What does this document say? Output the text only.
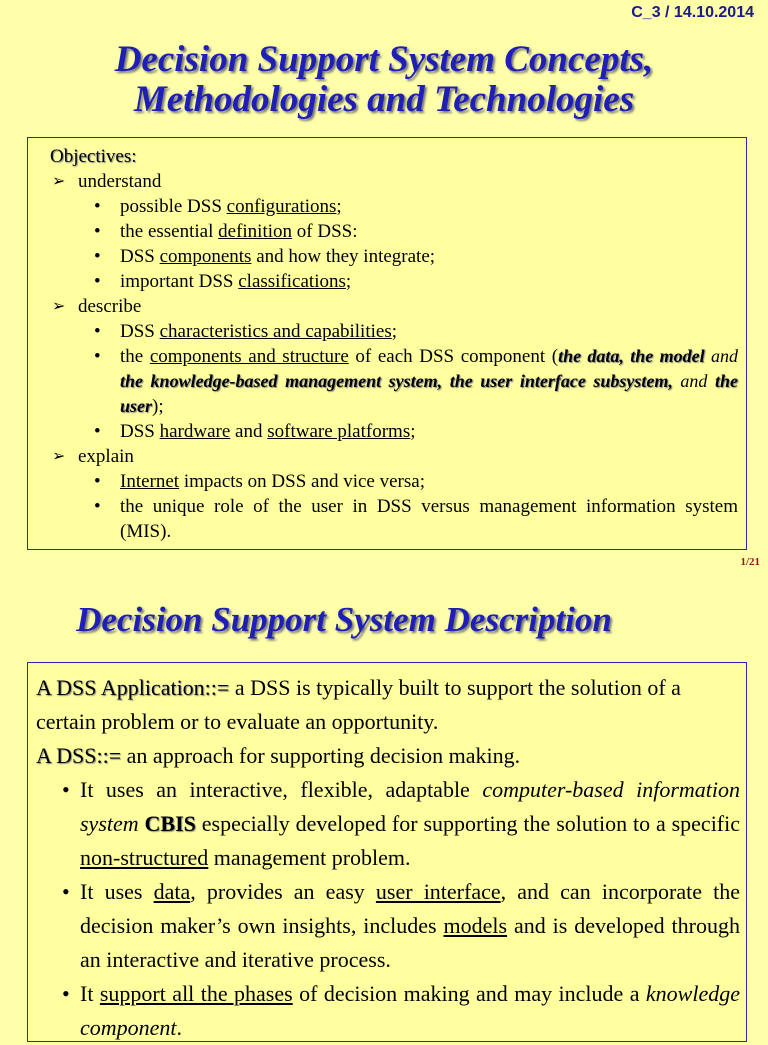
C_3 / 14.10.2014
Decision Support System Concepts,
Methodologies and Technologies
Objectives:
➢ understand
• possible DSS configurations;
• the essential definition of DSS:
• DSS components and how they integrate;
• important DSS classifications;
➢ describe
• DSS characteristics and capabilities;
• the components and structure of each DSS component (the data, the model and the knowledge-based management system, the user interface subsystem, and the user);
• DSS hardware and software platforms;
➢ explain
• Internet impacts on DSS and vice versa;
• the unique role of the user in DSS versus management information system (MIS).
1/21
Decision Support System Description
A DSS Application::= a DSS is typically built to support the solution of a certain problem or to evaluate an opportunity.
A DSS::= an approach for supporting decision making.
• It uses an interactive, flexible, adaptable computer-based information system CBIS especially developed for supporting the solution to a specific non-structured management problem.
• It uses data, provides an easy user interface, and can incorporate the decision maker’s own insights, includes models and is developed through an interactive and iterative process.
• It support all the phases of decision making and may include a knowledge component.
